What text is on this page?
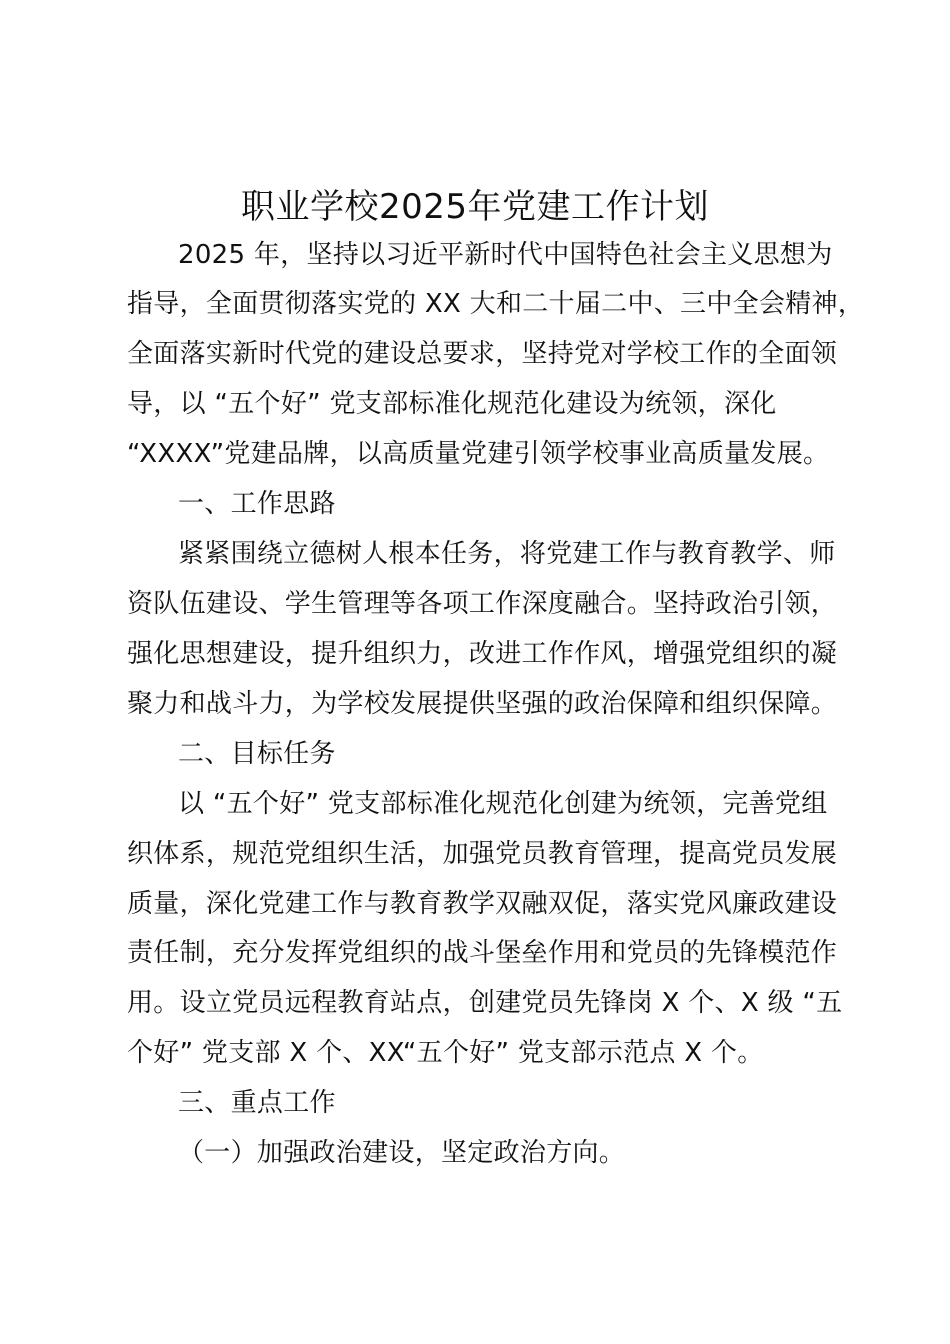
职业学校2025年党建工作计划
2025 年，坚持以习近平新时代中国特色社会主义思想为
指导，全面贯彻落实党的 XX 大和二十届二中、三中全会精神，
全面落实新时代党的建设总要求，坚持党对学校工作的全面领
导，以 “五个好” 党支部标准化规范化建设为统领，深化
“XXXX”党建品牌，以高质量党建引领学校事业高质量发展。
一、工作思路
紧紧围绕立德树人根本任务，将党建工作与教育教学、师
资队伍建设、学生管理等各项工作深度融合。坚持政治引领，
强化思想建设，提升组织力，改进工作作风，增强党组织的凝
聚力和战斗力，为学校发展提供坚强的政治保障和组织保障。
二、目标任务
以 “五个好” 党支部标准化规范化创建为统领，完善党组
织体系，规范党组织生活，加强党员教育管理，提高党员发展
质量，深化党建工作与教育教学双融双促，落实党风廉政建设
责任制，充分发挥党组织的战斗堡垒作用和党员的先锋模范作
用。设立党员远程教育站点，创建党员先锋岗 X 个、X 级 “五
个好” 党支部 X 个、XX“五个好” 党支部示范点 X 个。
三、重点工作
（一）加强政治建设，坚定政治方向。
